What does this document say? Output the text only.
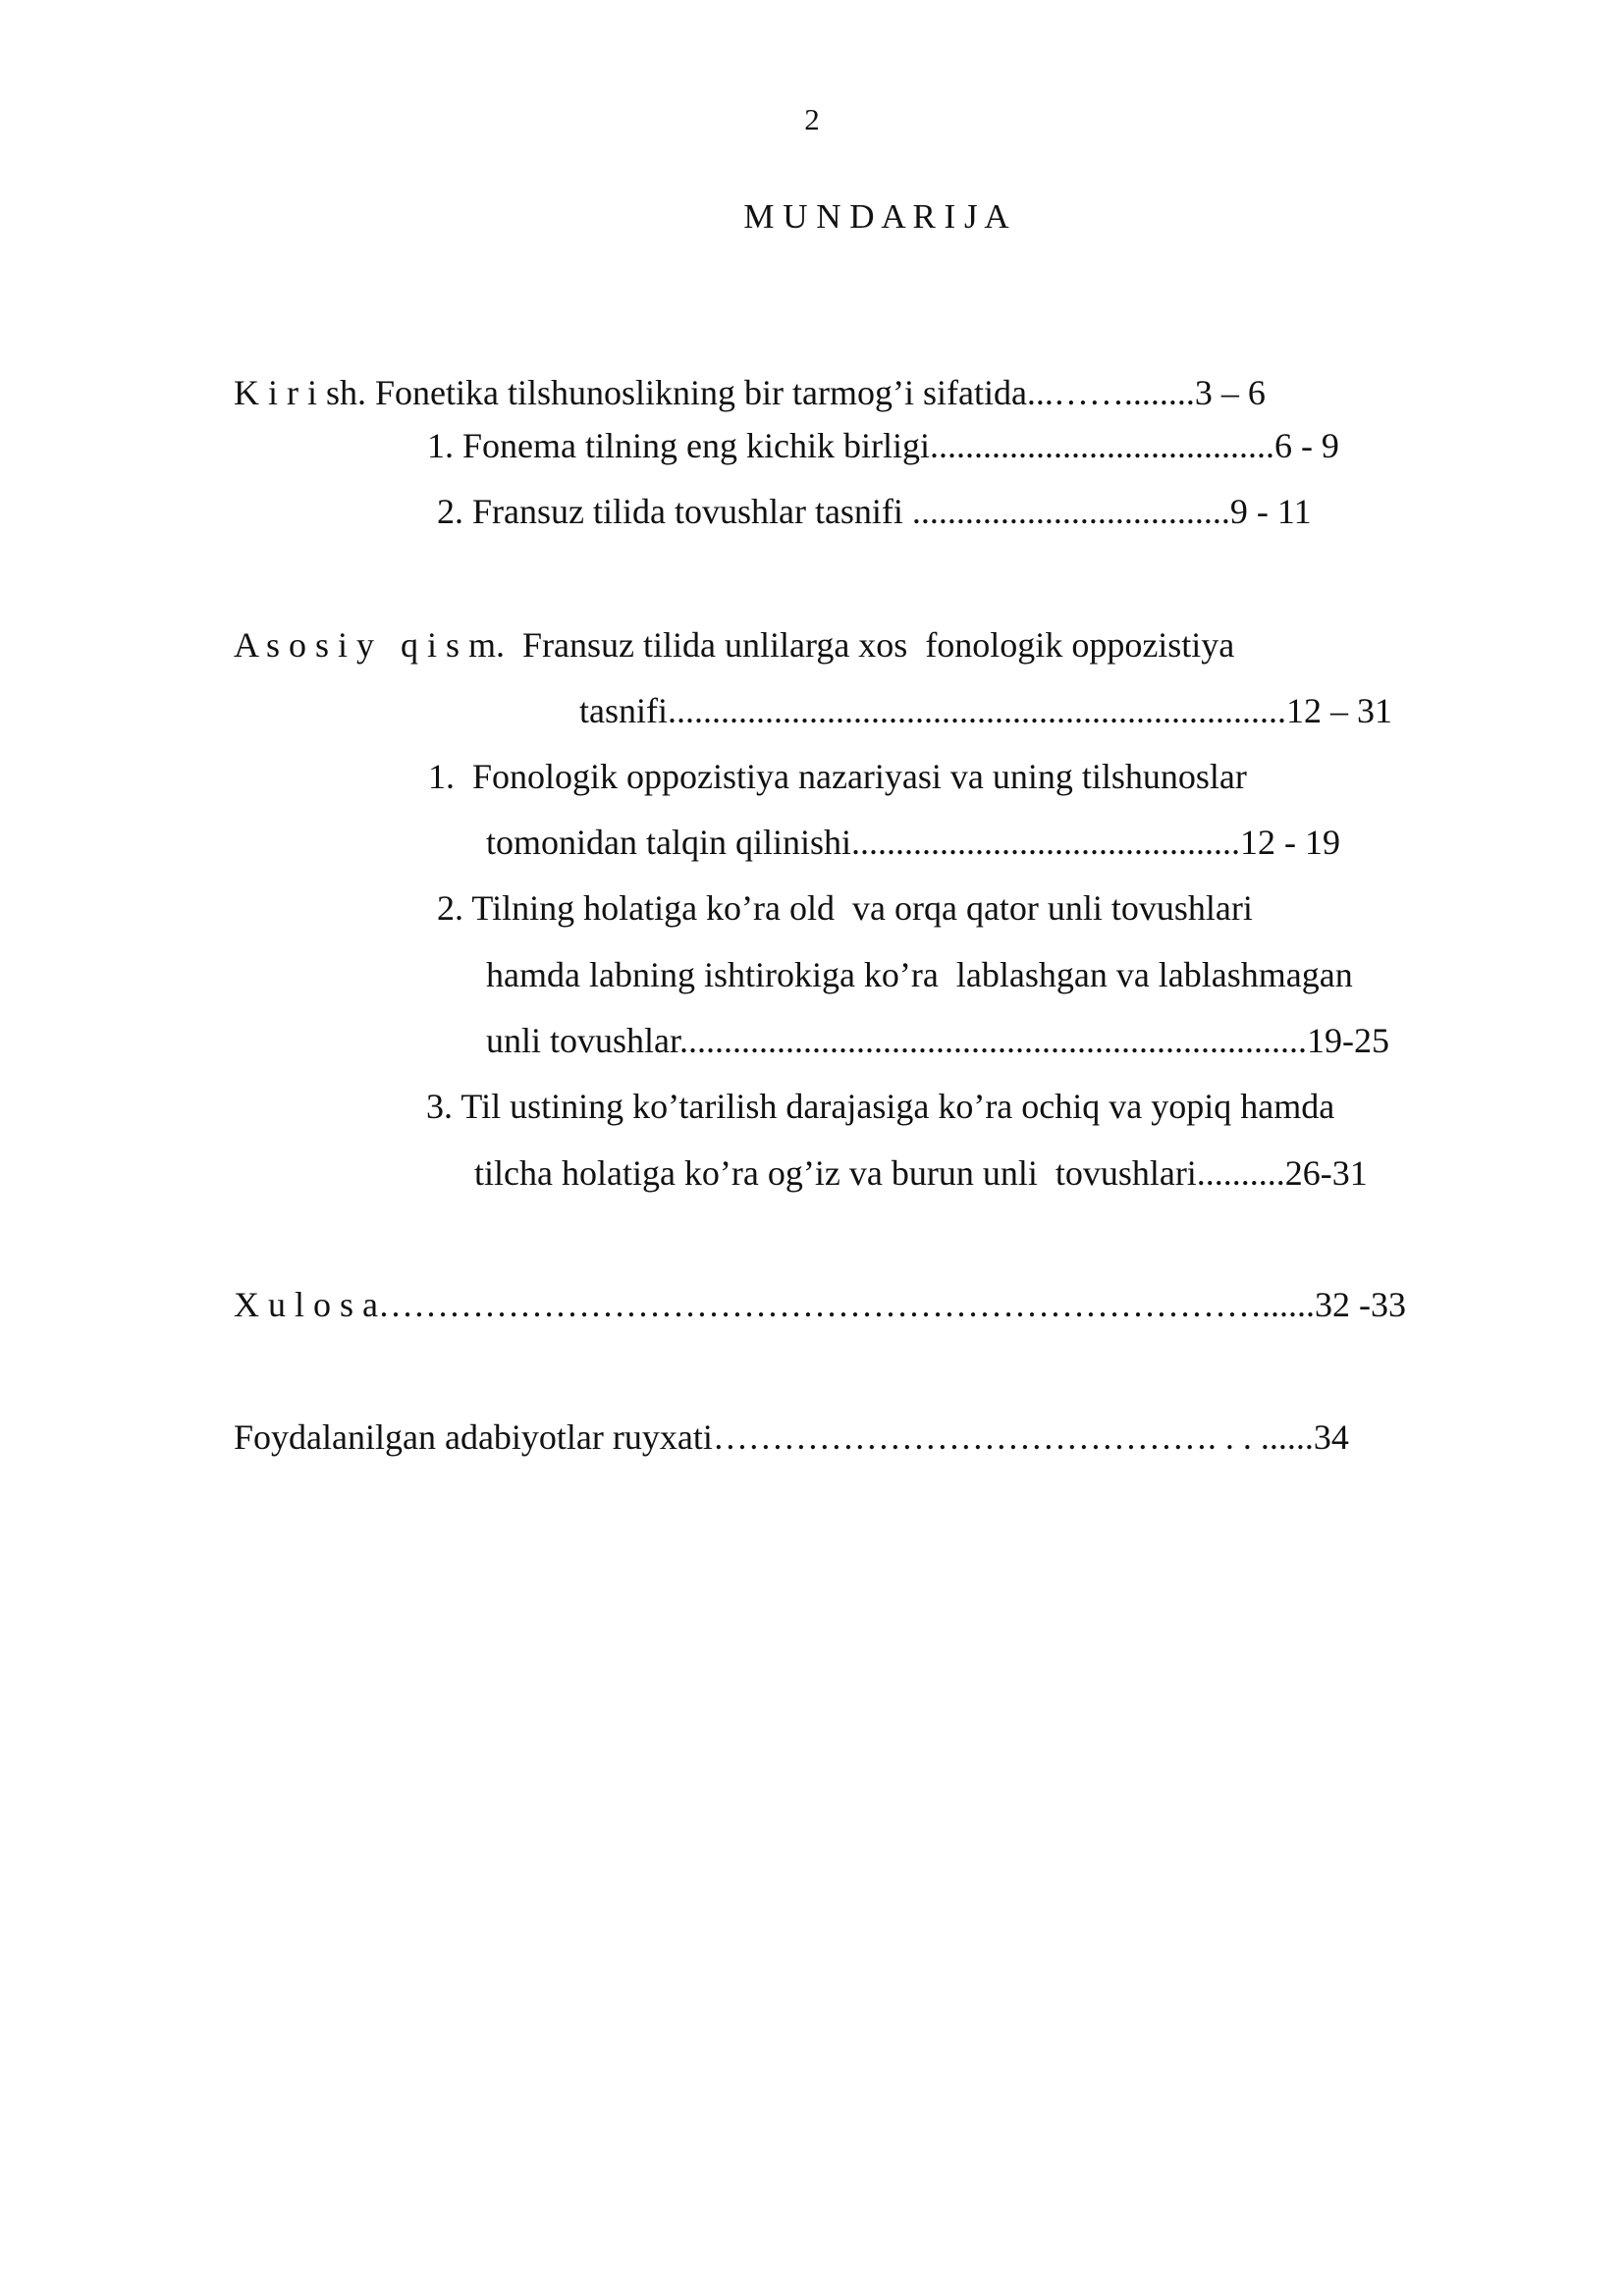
2
M U N D A R I J A
K i r i sh. Fonetika tilshunoslikning bir tarmog’i sifatida...……........3 – 6
1. Fonema tilning eng kichik birligi.......................................6 - 9
2. Fransuz tilida tovushlar tasnifi ....................................9 - 11
A s o s i y   q i s m.  Fransuz tilida unlilarga xos  fonologik oppozistiya
tasnifi......................................................................12 – 31
1.  Fonologik oppozistiya nazariyasi va uning tilshunoslar
tomonidan talqin qilinishi............................................12 - 19
2. Tilning holatiga ko’ra old  va orqa qator unli tovushlari
hamda labning ishtirokiga ko’ra  lablashgan va lablashmagan
unli tovushlar.......................................................................19-25
3. Til ustining ko’tarilish darajasiga ko’ra ochiq va yopiq hamda
tilcha holatiga ko’ra og’iz va burun unli  tovushlari..........26-31
X u l o s a…………………………………………………………………......32 -33
Foydalanilgan adabiyotlar ruyxati……………………………………. . . ......34
